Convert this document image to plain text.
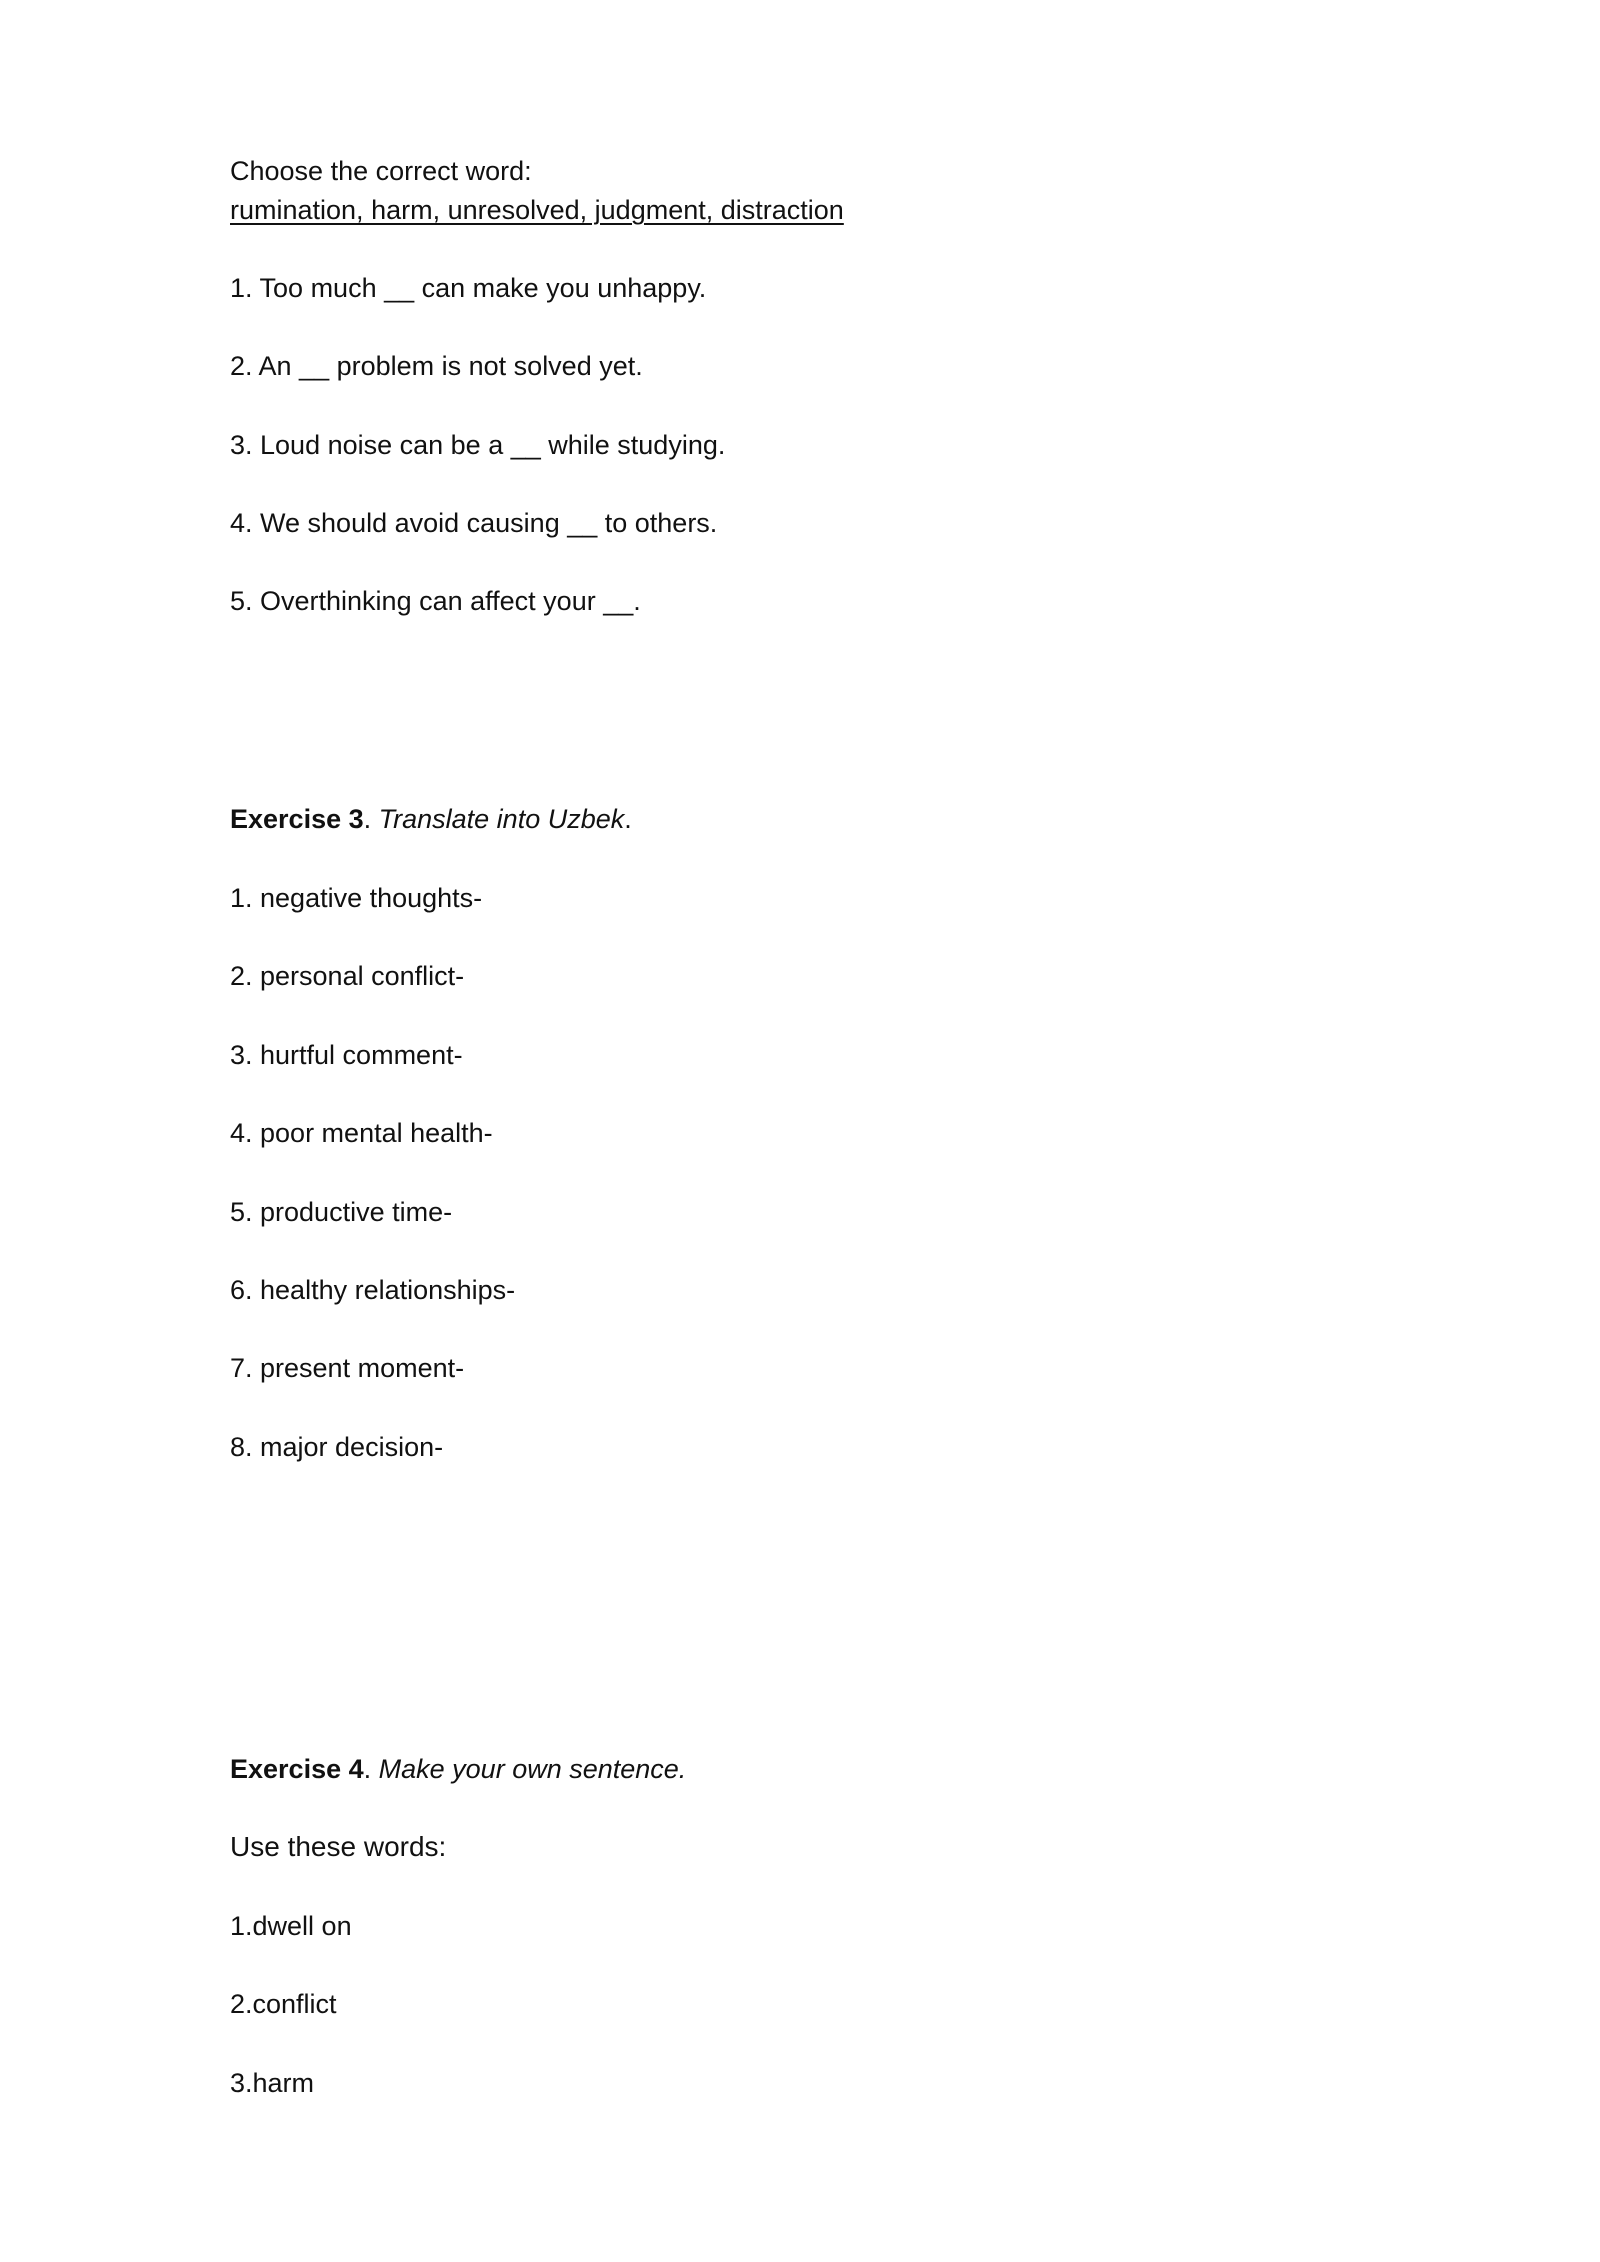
Choose the correct word:
rumination, harm, unresolved, judgment, distraction
1. Too much __ can make you unhappy.
2. An __ problem is not solved yet.
3. Loud noise can be a __ while studying.
4. We should avoid causing __ to others.
5. Overthinking can affect your __.
Exercise 3. Translate into Uzbek.
1. negative thoughts-
2. personal conflict-
3. hurtful comment-
4. poor mental health-
5. productive time-
6. healthy relationships-
7. present moment-
8. major decision-
Exercise 4. Make your own sentence.
Use these words:
1.dwell on
2.conflict
3.harm
